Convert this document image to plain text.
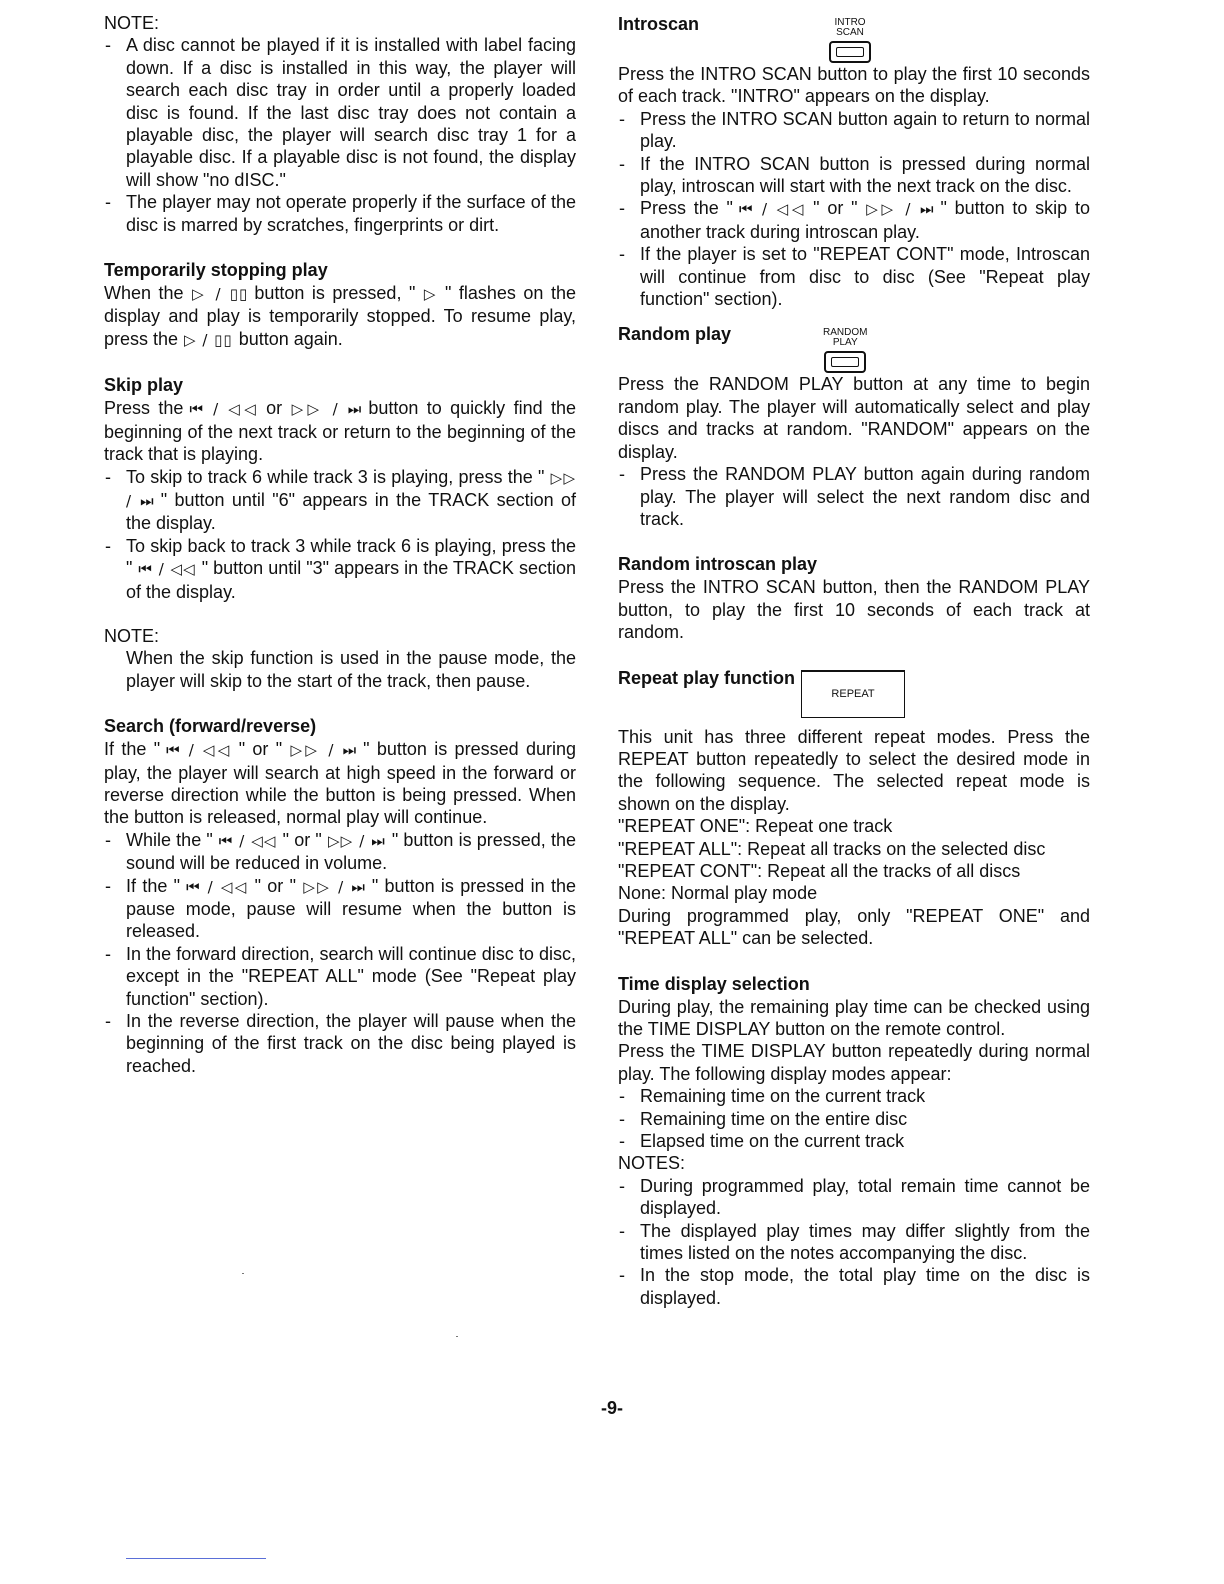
NOTE:

- A disc cannot be played if it is installed with label facing down. If a disc is installed in this way, the player will search each disc tray in order until a properly loaded disc is found. If the last disc tray does not contain a playable disc, the player will search disc tray 1 for a playable disc. If a playable disc is not found, the display will show "no dISC."
- The player may not operate properly if the surface of the disc is marred by scratches, fingerprints or dirt.
Temporarily stopping play

When the ▷ / ▯▯ button is pressed, " ▷ " flashes on the display and play is temporarily stopped. To resume play, press the ▷ / ▯▯ button again.

Skip play

Press the ⏮ / ◁◁ or ▷▷ / ⏭ button to quickly find the beginning of the next track or return to the beginning of the track that is playing.

- To skip to track 6 while track 3 is playing, press the " ▷▷ / ⏭ " button until "6" appears in the TRACK section of the display.
- To skip back to track 3 while track 6 is playing, press the " ⏮ / ◁◁ " button until "3" appears in the TRACK section of the display.

NOTE:

When the skip function is used in the pause mode, the player will skip to the start of the track, then pause.

Search (forward/reverse)

If the " ⏮ / ◁◁ " or " ▷▷ / ⏭ " button is pressed during play, the player will search at high speed in the forward or reverse direction while the button is being pressed. When the button is released, normal play will continue.

- While the " ⏮ / ◁◁ " or " ▷▷ / ⏭ " button is pressed, the sound will be reduced in volume.
- If the " ⏮ / ◁◁ " or " ▷▷ / ⏭ " button is pressed in the pause mode, pause will resume when the button is released.
- In the forward direction, search will continue disc to disc, except in the "REPEAT ALL" mode (See "Repeat play function" section).
- In the reverse direction, the player will pause when the beginning of the first track on the disc being played is reached.
Introscan	INTRO
SCAN

Press the INTRO SCAN button to play the first 10 seconds of each track. "INTRO" appears on the display.

- Press the INTRO SCAN button again to return to normal play.
- If the INTRO SCAN button is pressed during normal play, introscan will start with the next track on the disc.
- Press the " ⏮ / ◁◁ " or " ▷▷ / ⏭ " button to skip to another track during introscan play.
- If the player is set to "REPEAT CONT" mode, Introscan will continue from disc to disc (See "Repeat play function" section).
Random play	RANDOM
PLAY

Press the RANDOM PLAY button at any time to begin random play. The player will automatically select and play discs and tracks at random. "RANDOM" appears on the display.

- Press the RANDOM PLAY button again during random play. The player will select the next random disc and track.
Random introscan play

Press the INTRO SCAN button, then the RANDOM PLAY button, to play the first 10 seconds of each track at random.

Repeat play function
REPEAT

This unit has three different repeat modes. Press the REPEAT button repeatedly to select the desired mode in the following sequence. The selected repeat mode is shown on the display.

"REPEAT ONE": Repeat one track

"REPEAT ALL": Repeat all tracks on the selected disc

"REPEAT CONT": Repeat all the tracks of all discs

None: Normal play mode

During programmed play, only "REPEAT ONE" and "REPEAT ALL" can be selected.

Time display selection

During play, the remaining play time can be checked using the TIME DISPLAY button on the remote control.

Press the TIME DISPLAY button repeatedly during normal play. The following display modes appear:

- Remaining time on the current track
- Remaining time on the entire disc
- Elapsed time on the current track

NOTES:

- During programmed play, total remain time cannot be displayed.
- The displayed play times may differ slightly from the times listed on the notes accompanying the disc.
- In the stop mode, the total play time on the disc is displayed.
-9-
